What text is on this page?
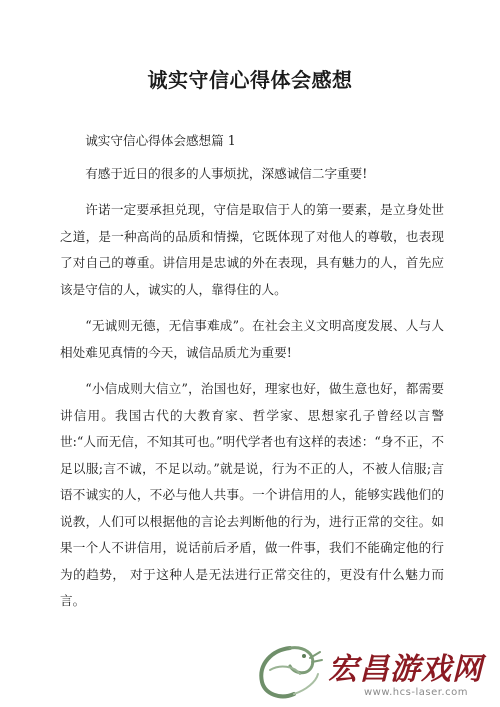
诚实守信心得体会感想

诚实守信心得体会感想篇 1

有感于近日的很多的人事烦扰，深感诚信二字重要!

许诺一定要承担兑现，守信是取信于人的第一要素，是立身处世之道，是一种高尚的品质和情操，它既体现了对他人的尊敬，也表现了对自己的尊重。讲信用是忠诚的外在表现，具有魅力的人，首先应该是守信的人，诚实的人，靠得住的人。

“无诚则无德，无信事难成”。在社会主义文明高度发展、人与人相处难见真情的今天，诚信品质尤为重要!

“小信成则大信立”，治国也好，理家也好，做生意也好，都需要讲信用。我国古代的大教育家、哲学家、思想家孔子曾经以言警世:“人而无信，不知其可也。”明代学者也有这样的表述：“身不正，不足以服;言不诚，不足以动。”就是说，行为不正的人，不被人信服;言语不诚实的人，不必与他人共事。一个讲信用的人，能够实践他们的说教，人们可以根据他的言论去判断他的行为，进行正常的交往。如果一个人不讲信用，说话前后矛盾，做一件事，我们不能确定他的行为的趋势， 对于这种人是无法进行正常交往的，更没有什么魅力而言。

宏昌游戏网
www.hcs-laser.com
